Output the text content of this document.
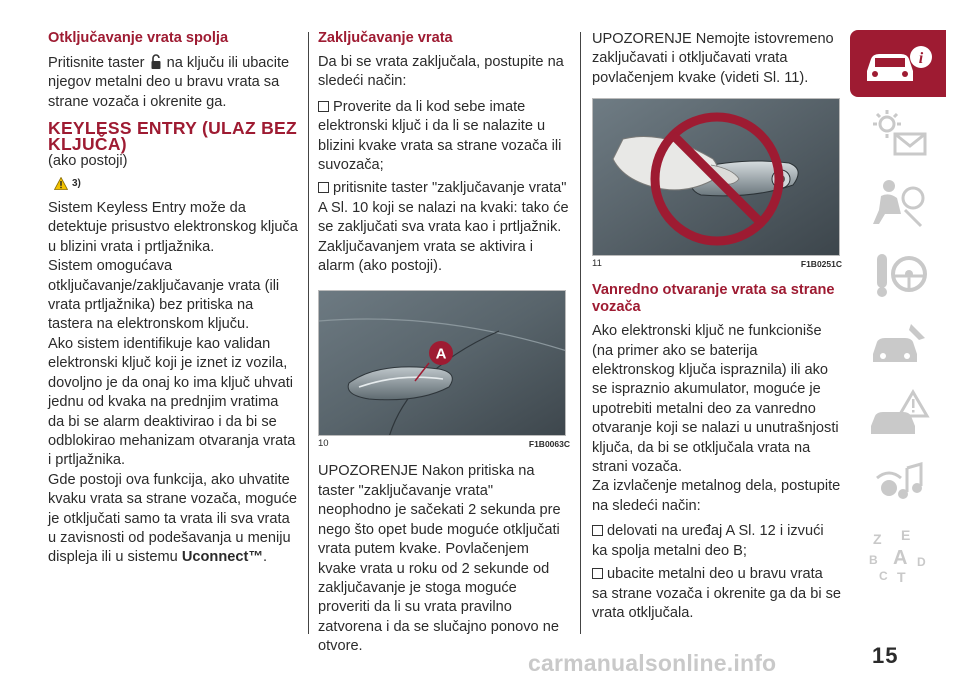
Otključavanje vrata spolja

Pritisnite taster na ključu ili ubacite njegov metalni deo u bravu vrata sa strane vozača i okrenite ga.

KEYLESS ENTRY (ULAZ BEZ KLJUČA)

(ako postoji)

3)

Sistem Keyless Entry može da detektuje prisustvo elektronskog ključa u blizini vrata i prtljažnika.

Sistem omogućava otključavanje/zaključavanje vrata (ili vrata prtljažnika) bez pritiska na tastera na elektronskom ključu.

Ako sistem identifikuje kao validan elektronski ključ koji je iznet iz vozila, dovoljno je da onaj ko ima ključ uhvati jednu od kvaka na prednjim vratima da bi se alarm deaktivirao i da bi se odblokirao mehanizam otvaranja vrata i prtljažnika.

Gde postoji ova funkcija, ako uhvatite kvaku vrata sa strane vozača, moguće je otključati samo ta vrata ili sva vrata u zavisnosti od podešavanja u meniju displeja ili u sistemu Uconnect™.

Zaključavanje vrata

Da bi se vrata zaključala, postupite na sledeći način:

Proverite da li kod sebe imate elektronski ključ i da li se nalazite u blizini kvake vrata sa strane vozača ili suvozača;

pritisnite taster "zaključavanje vrata" A Sl. 10 koji se nalazi na kvaki: tako će se zaključati sva vrata kao i prtljažnik. Zaključavanjem vrata se aktivira i alarm (ako postoji).

A
10	F1B0063C

UPOZORENJE Nakon pritiska na taster "zaključavanje vrata" neophodno je sačekati 2 sekunda pre nego što opet bude moguće otključati vrata putem kvake. Povlačenjem kvake vrata u roku od 2 sekunde od zaključavanje je stoga moguće proveriti da li su vrata pravilno zatvorena i da se slučajno ponovo ne otvore.

UPOZORENJE Nemojte istovremeno zaključavati i otključavati vrata povlačenjem kvake (videti Sl. 11).

11	F1B0251C
Vanredno otvaranje vrata sa strane vozača

Ako elektronski ključ ne funkcioniše (na primer ako se baterija elektronskog ključa ispraznila) ili ako se ispraznio akumulator, moguće je upotrebiti metalni deo za vanredno otvaranje koji se nalazi u unutrašnjosti ključa, da bi se otključala vrata na strani vozača.

Za izvlačenje metalnog dela, postupite na sledeći način:

delovati na uređaj A Sl. 12 i izvući ka spolja metalni deo B;

ubacite metalni deo u bravu vrata sa strane vozača i okrenite ga da bi se vrata otključala.

i
Z E
B A D
C T
15
carmanualsonline.info
